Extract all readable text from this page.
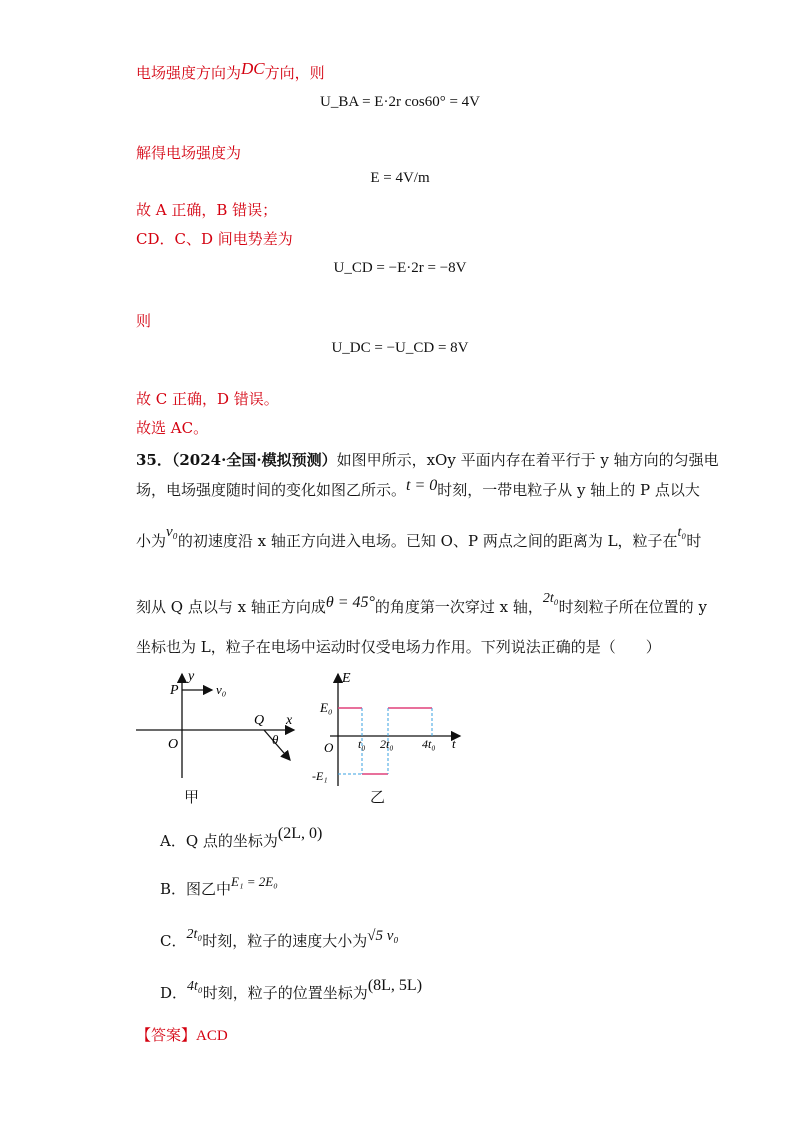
电场强度方向为DC方向，则
U_BA = E·2r cos60° = 4V
解得电场强度为
E = 4V/m
故 A 正确，B 错误；
CD．C、D 间电势差为
U_CD = −E·2r = −8V
则
U_DC = −U_CD = 8V
故 C 正确，D 错误。
故选 AC。
35．（2024·全国·模拟预测）如图甲所示，xOy 平面内存在着平行于 y 轴方向的匀强电
场，电场强度随时间的变化如图乙所示。t = 0时刻，一带电粒子从 y 轴上的 P 点以大
小为v₀的初速度沿 x 轴正方向进入电场。已知 O、P 两点之间的距离为 L，粒子在t₀时
刻从 Q 点以与 x 轴正方向成θ = 45°的角度第一次穿过 x 轴，2t₀时刻粒子所在位置的 y
坐标也为 L，粒子在电场中运动时仅受电场力作用。下列说法正确的是（　　）
y
P	v₀
x
Q
θ
O
甲
E
E₀
O t₀ 2t₀ 4t₀ t
-E₁
乙
A．Q 点的坐标为(2L, 0)
B．图乙中E₁ = 2E₀
C．2t₀时刻，粒子的速度大小为√5 v₀
D．4t₀时刻，粒子的位置坐标为(8L, 5L)
【答案】ACD
